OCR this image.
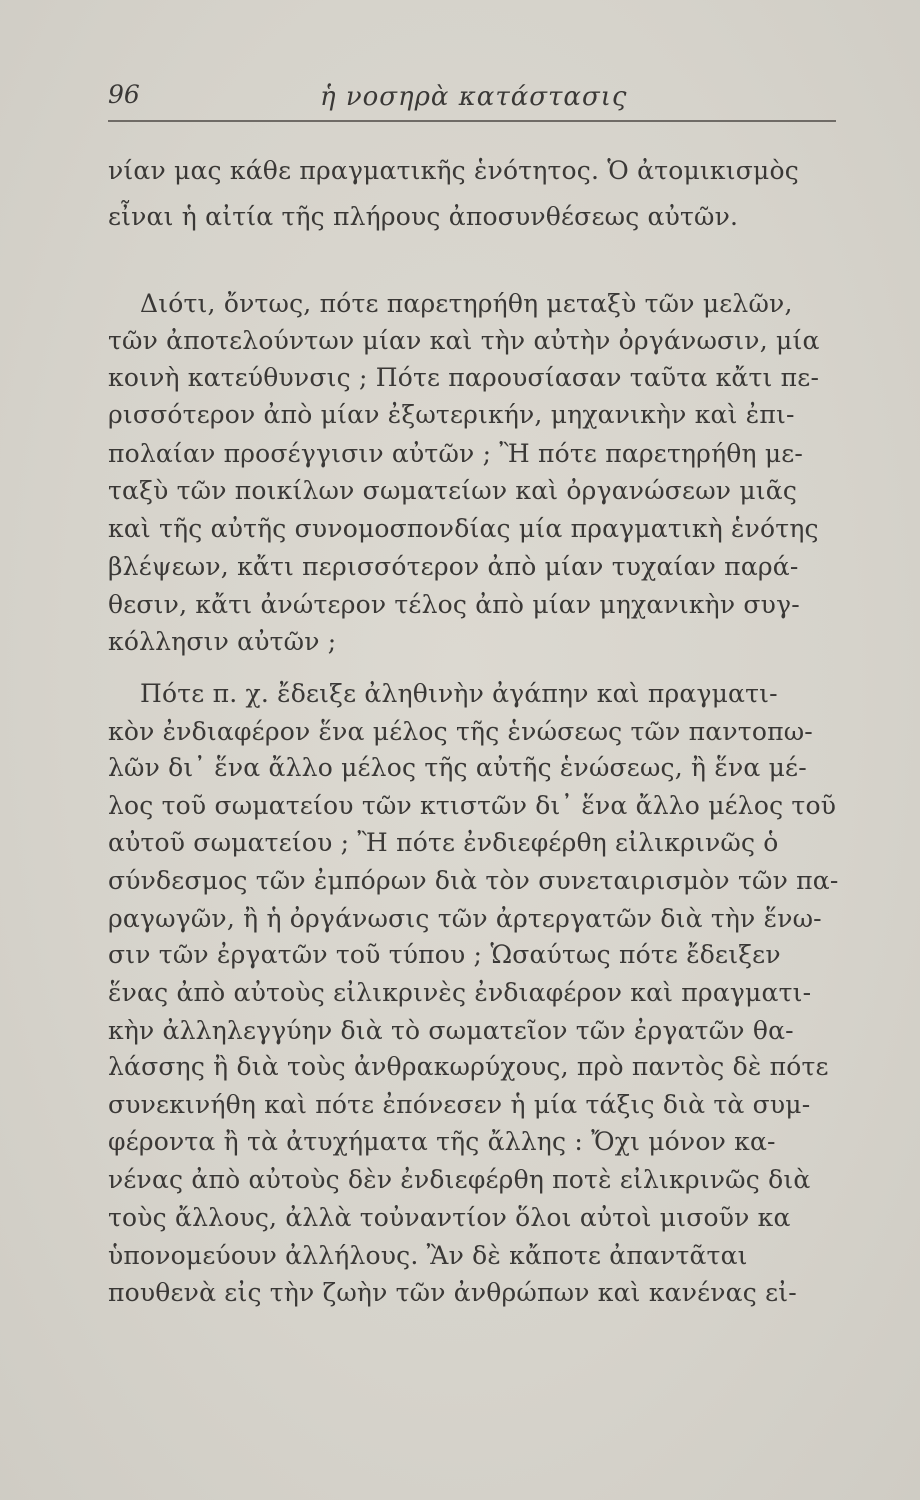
96	ἡ νοσηρὰ κατάστασις
νίαν μας κάθε πραγματικῆς ἑνότητος. Ὁ ἀτομικισμὸς
εἶναι ἡ αἰτία τῆς πλήρους ἀποσυνθέσεως αὐτῶν.
Διότι, ὄντως, πότε παρετηρήθη μεταξὺ τῶν μελῶν,
τῶν ἀποτελούντων μίαν καὶ τὴν αὐτὴν ὀργάνωσιν, μία
κοινὴ κατεύθυνσις ; Πότε παρουσίασαν ταῦτα κἄτι πε-
ρισσότερον ἀπὸ μίαν ἐξωτερικήν, μηχανικὴν καὶ ἐπι-
πολαίαν προσέγγισιν αὐτῶν ; Ἢ πότε παρετηρήθη με-
ταξὺ τῶν ποικίλων σωματείων καὶ ὀργανώσεων μιᾶς
καὶ τῆς αὐτῆς συνομοσπονδίας μία πραγματικὴ ἑνότης
βλέψεων, κἄτι περισσότερον ἀπὸ μίαν τυχαίαν παρά-
θεσιν, κἄτι ἀνώτερον τέλος ἀπὸ μίαν μηχανικὴν συγ-
κόλλησιν αὐτῶν ;
Πότε π. χ. ἔδειξε ἀληθινὴν ἀγάπην καὶ πραγματι-
κὸν ἐνδιαφέρον ἕνα μέλος τῆς ἑνώσεως τῶν παντοπω-
λῶν δι᾽ ἕνα ἄλλο μέλος τῆς αὐτῆς ἑνώσεως, ἢ ἕνα μέ-
λος τοῦ σωματείου τῶν κτιστῶν δι᾽ ἕνα ἄλλο μέλος τοῦ
αὐτοῦ σωματείου ; Ἢ πότε ἐνδιεφέρθη εἰλικρινῶς ὁ
σύνδεσμος τῶν ἐμπόρων διὰ τὸν συνεταιρισμὸν τῶν πα-
ραγωγῶν, ἢ ἡ ὀργάνωσις τῶν ἀρτεργατῶν διὰ τὴν ἕνω-
σιν τῶν ἐργατῶν τοῦ τύπου ; Ὡσαύτως πότε ἔδειξεν
ἕνας ἀπὸ αὐτοὺς εἰλικρινὲς ἐνδιαφέρον καὶ πραγματι-
κὴν ἀλληλεγγύην διὰ τὸ σωματεῖον τῶν ἐργατῶν θα-
λάσσης ἢ διὰ τοὺς ἀνθρακωρύχους, πρὸ παντὸς δὲ πότε
συνεκινήθη καὶ πότε ἐπόνεσεν ἡ μία τάξις διὰ τὰ συμ-
φέροντα ἢ τὰ ἀτυχήματα τῆς ἄλλης : Ὄχι μόνον κα-
νένας ἀπὸ αὐτοὺς δὲν ἐνδιεφέρθη ποτὲ εἰλικρινῶς διὰ
τοὺς ἄλλους, ἀλλὰ τοὐναντίον ὅλοι αὐτοὶ μισοῦν κα
ὑπονομεύουν ἀλλήλους. Ἂν δὲ κἄποτε ἀπαντᾶται
πουθενὰ εἰς τὴν ζωὴν τῶν ἀνθρώπων καὶ κανένας εἰ-
